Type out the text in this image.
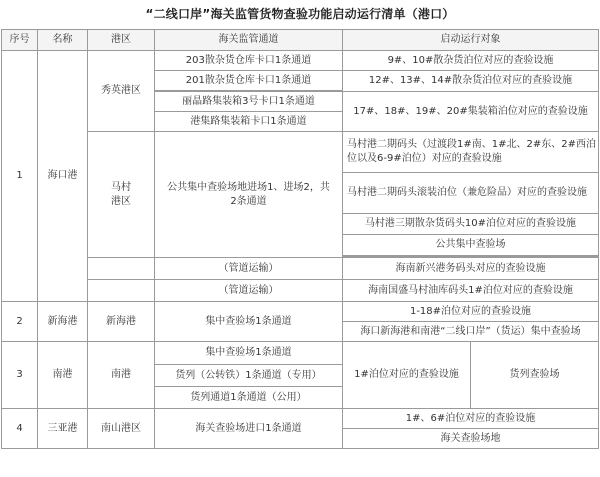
“二线口岸”海关监管货物查验功能启动运行清单（港口）
序号	名称	港区	海关监管通道	启动运行对象	
1	海口港	秀英港区	203散杂货仓库卡口1条通道	9#、10#散杂货泊位对应的查验设施	
			201散杂货仓库卡口1条通道	12#、13#、14#散杂货泊位对应的查验设施	

			丽晶路集装箱3号卡口1条通道	17#、18#、19#、20#集装箱泊位对应的查验设施	
			港集路集装箱卡口1条通道		
		马村港区	公共集中查验场地进场1、进场2，共2条通道	马村港二期码头（过渡段1#南、1#北、2#东、2#西泊位以及6-9#泊位）对应的查验设施	
				马村港二期码头滚装泊位（兼危险品）对应的查验设施	
				马村港三期散杂货码头10#泊位对应的查验设施	
				公共集中查验场	

			（管道运输）	海南新兴港务码头对应的查验设施	
			（管道运输）	海南国盛马村油库码头1#泊位对应的查验设施	
2	新海港	新海港	集中查验场1条通道	1-18#泊位对应的查验设施	
				海口新海港和南港“二线口岸”（货运）集中查验场	
3	南港	南港	集中查验场1条通道	1#泊位对应的查验设施	货列查验场
			货列（公转铁）1条通道（专用）		
			货列通道1条通道（公用）		
4	三亚港	南山港区	海关查验场进口1条通道	1#、6#泊位对应的查验设施	
				海关查验场地	
